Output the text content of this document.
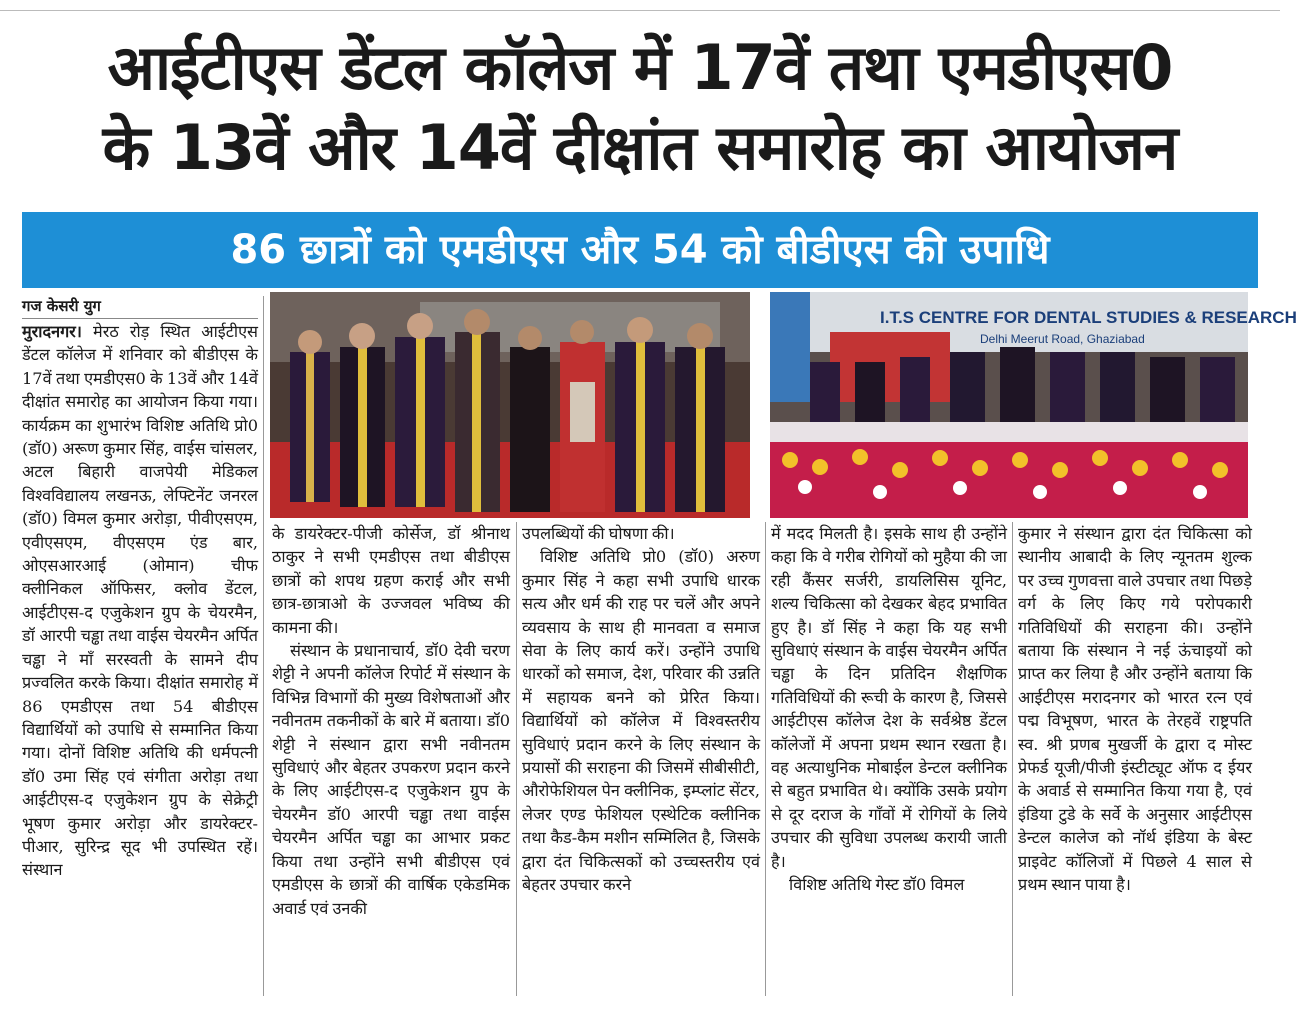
आईटीएस डेंटल कॉलेज में 17वें तथा एमडीएस0
के 13वें और 14वें दीक्षांत समारोह का आयोजन
86 छात्रों को एमडीएस और 54 को बीडीएस की उपाधि
गज केसरी युग
I.T.S CENTRE FOR DENTAL STUDIES & RESEARCH
Delhi Meerut Road, Ghaziabad

मुरादनगर। मेरठ रोड़ स्थित आईटीएस डेंटल कॉलेज में शनिवार को बीडीएस के 17वें तथा एमडीएस0 के 13वें और 14वें दीक्षांत समारोह का आयोजन किया गया। कार्यक्रम का शुभारंभ विशिष्ट अतिथि प्रो0 (डॉ0) अरूण कुमार सिंह, वाईस चांसलर, अटल बिहारी वाजपेयी मेडिकल विश्वविद्यालय लखनऊ, लेफ्टिनेंट जनरल (डॉ0) विमल कुमार अरोड़ा, पीवीएसएम, एवीएसएम, वीएसएम एंड बार, ओएसआरआई (ओमान) चीफ क्लीनिकल ऑफिसर, क्लोव डेंटल, आईटीएस-द एजुकेशन ग्रुप के चेयरमैन, डॉ आरपी चड्ढा तथा वाईस चेयरमैन अर्पित चड्ढा ने माँ सरस्वती के सामने दीप प्रज्वलित करके किया। दीक्षांत समारोह में 86 एमडीएस तथा 54 बीडीएस विद्यार्थियों को उपाधि से सम्मानित किया गया। दोनों विशिष्ट अतिथि की धर्मपत्नी डॉ0 उमा सिंह एवं संगीता अरोड़ा तथा आईटीएस-द एजुकेशन ग्रुप के सेक्रेट्री भूषण कुमार अरोड़ा और डायरेक्टर-पीआर, सुरिन्द्र सूद भी उपस्थित रहें। संस्थान

के डायरेक्टर-पीजी कोर्सेज, डॉ श्रीनाथ ठाकुर ने सभी एमडीएस तथा बीडीएस छात्रों को शपथ ग्रहण कराई और सभी छात्र-छात्राओ के उज्जवल भविष्य की कामना की।

संस्थान के प्रधानाचार्य, डॉ0 देवी चरण शेट्टी ने अपनी कॉलेज रिपोर्ट में संस्थान के विभिन्न विभागों की मुख्य विशेषताओं और नवीनतम तकनीकों के बारे में बताया। डॉ0 शेट्टी ने संस्थान द्वारा सभी नवीनतम सुविधाएं और बेहतर उपकरण प्रदान करने के लिए आईटीएस-द एजुकेशन ग्रुप के चेयरमैन डॉ0 आरपी चड्ढा तथा वाईस चेयरमैन अर्पित चड्ढा का आभार प्रकट किया तथा उन्होंने सभी बीडीएस एवं एमडीएस के छात्रों की वार्षिक एकेडमिक अवार्ड एवं उनकी

उपलब्धियों की घोषणा की।

विशिष्ट अतिथि प्रो0 (डॉ0) अरुण कुमार सिंह ने कहा सभी उपाधि धारक सत्य और धर्म की राह पर चलें और अपने व्यवसाय के साथ ही मानवता व समाज सेवा के लिए कार्य करें। उन्होंने उपाधि धारकों को समाज, देश, परिवार की उन्नति में सहायक बनने को प्रेरित किया। विद्यार्थियों को कॉलेज में विश्वस्तरीय सुविधाएं प्रदान करने के लिए संस्थान के प्रयासों की सराहना की जिसमें सीबीसीटी, औरोफेशियल पेन क्लीनिक, इम्प्लांट सेंटर, लेजर एण्ड फेशियल एस्थेटिक क्लीनिक तथा कैड-कैम मशीन सम्मिलित है, जिसके द्वारा दंत चिकित्सकों को उच्चस्तरीय एवं बेहतर उपचार करने

में मदद मिलती है। इसके साथ ही उन्होंने कहा कि वे गरीब रोगियों को मुहैया की जा रही कैंसर सर्जरी, डायलिसिस यूनिट, शल्य चिकित्सा को देखकर बेहद प्रभावित हुए है। डॉ सिंह ने कहा कि यह सभी सुविधाएं संस्थान के वाईस चेयरमैन अर्पित चड्ढा के दिन प्रतिदिन शैक्षणिक गतिविधियों की रूची के कारण है, जिससे आईटीएस कॉलेज देश के सर्वश्रेष्ठ डेंटल कॉलेजों में अपना प्रथम स्थान रखता है। वह अत्याधुनिक मोबाईल डेन्टल क्लीनिक से बहुत प्रभावित थे। क्योंकि उसके प्रयोग से दूर दराज के गाँवों में रोगियों के लिये उपचार की सुविधा उपलब्ध करायी जाती है।

विशिष्ट अतिथि गेस्ट डॉ0 विमल

कुमार ने संस्थान द्वारा दंत चिकित्सा को स्थानीय आबादी के लिए न्यूनतम शुल्क पर उच्च गुणवत्ता वाले उपचार तथा पिछड़े वर्ग के लिए किए गये परोपकारी गतिविधियों की सराहना की। उन्होंने बताया कि संस्थान ने नई ऊंचाइयों को प्राप्त कर लिया है और उन्होंने बताया कि आईटीएस मरादनगर को भारत रत्न एवं पद्म विभूषण, भारत के तेरहवें राष्ट्रपति स्व. श्री प्रणब मुखर्जी के द्वारा द मोस्ट प्रेफर्ड यूजी/पीजी इंस्टीट्यूट ऑफ द ईयर के अवार्ड से सम्मानित किया गया है, एवं इंडिया टुडे के सर्वे के अनुसार आईटीएस डेन्टल कालेज को नॉर्थ इंडिया के बेस्ट प्राइवेट कॉलिजों में पिछले 4 साल से प्रथम स्थान पाया है।
